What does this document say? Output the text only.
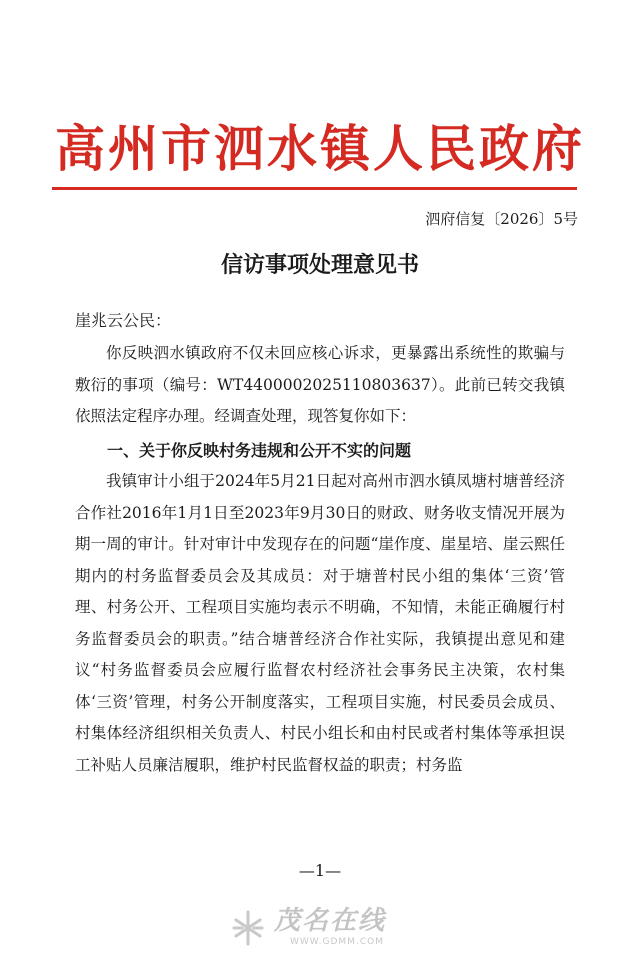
高州市泗水镇人民政府
泗府信复〔2026〕5号
信访事项处理意见书
崖兆云公民：
你反映泗水镇政府不仅未回应核心诉求，更暴露出系统性的欺骗与敷衍的事项（编号：WT4400002025110803637）。此前已转交我镇依照法定程序办理。经调查处理，现答复你如下：
一、关于你反映村务违规和公开不实的问题
我镇审计小组于2024年5月21日起对高州市泗水镇凤塘村塘普经济合作社2016年1月1日至2023年9月30日的财政、财务收支情况开展为期一周的审计。针对审计中发现存在的问题“崖作度、崖星培、崖云熙任期内的村务监督委员会及其成员：对于塘普村民小组的集体‘三资’管理、村务公开、工程项目实施均表示不明确，不知情，未能正确履行村务监督委员会的职责。”结合塘普经济合作社实际，我镇提出意见和建议“村务监督委员会应履行监督农村经济社会事务民主决策，农村集体‘三资’管理，村务公开制度落实，工程项目实施，村民委员会成员、村集体经济组织相关负责人、村民小组长和由村民或者村集体等承担误工补贴人员廉洁履职，维护村民监督权益的职责；村务监
—1—
茂名在线
WWW.GDMM.COM
